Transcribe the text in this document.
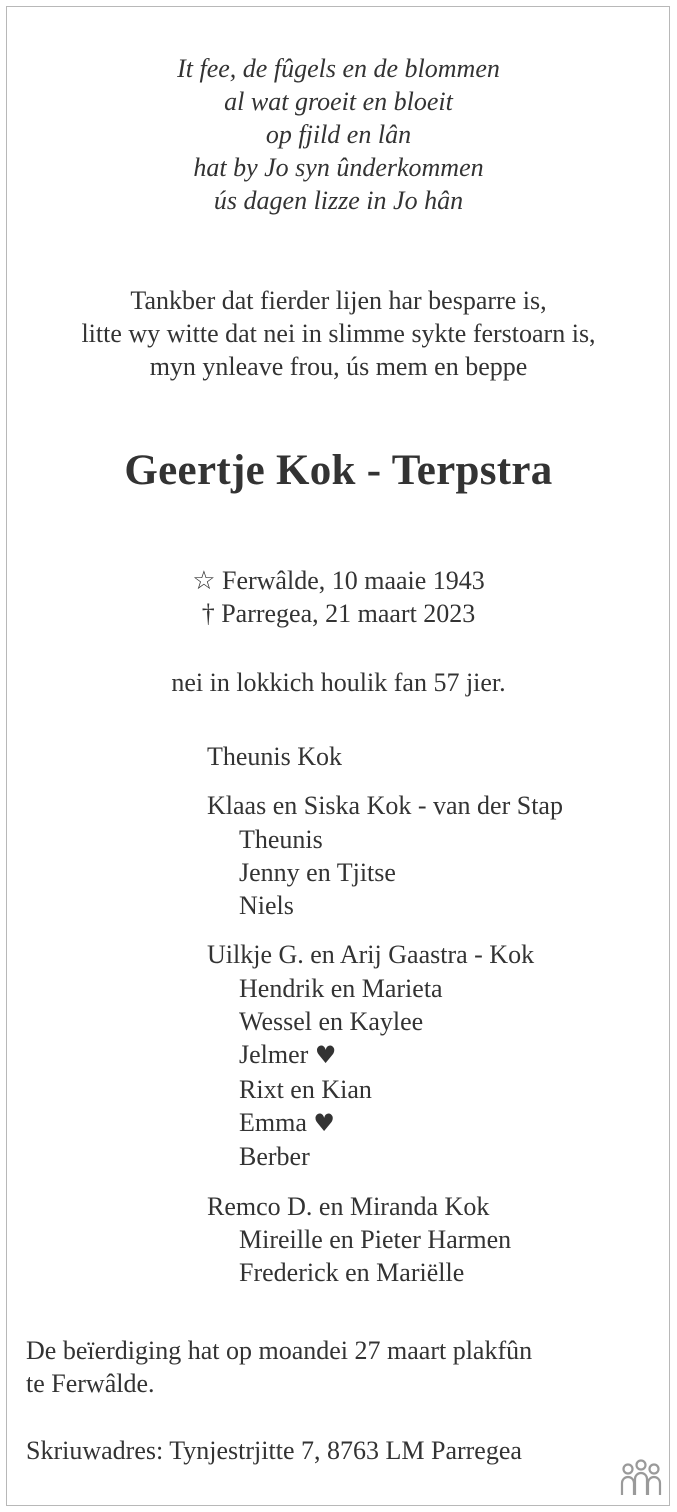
It fee, de fûgels en de blommen
al wat groeit en bloeit
op fjild en lân
hat by Jo syn ûnderkommen
ús dagen lizze in Jo hân
Tankber dat fierder lijen har besparre is,
litte wy witte dat nei in slimme sykte ferstoarn is,
myn ynleave frou, ús mem en beppe
Geertje Kok - Terpstra
☆ Ferwâlde, 10 maaie 1943
† Parregea, 21 maart 2023
nei in lokkich houlik fan 57 jier.
Theunis Kok
Klaas en Siska Kok - van der Stap
Theunis
Jenny en Tjitse
Niels
Uilkje G. en Arij Gaastra - Kok
Hendrik en Marieta
Wessel en Kaylee
Jelmer ♥
Rixt en Kian
Emma ♥
Berber
Remco D. en Miranda Kok
Mireille en Pieter Harmen
Frederick en Mariëlle
De beïerdiging hat op moandei 27 maart plakfûn
te Ferwâlde.
Skriuwadres: Tynjestrjitte 7, 8763 LM Parregea
